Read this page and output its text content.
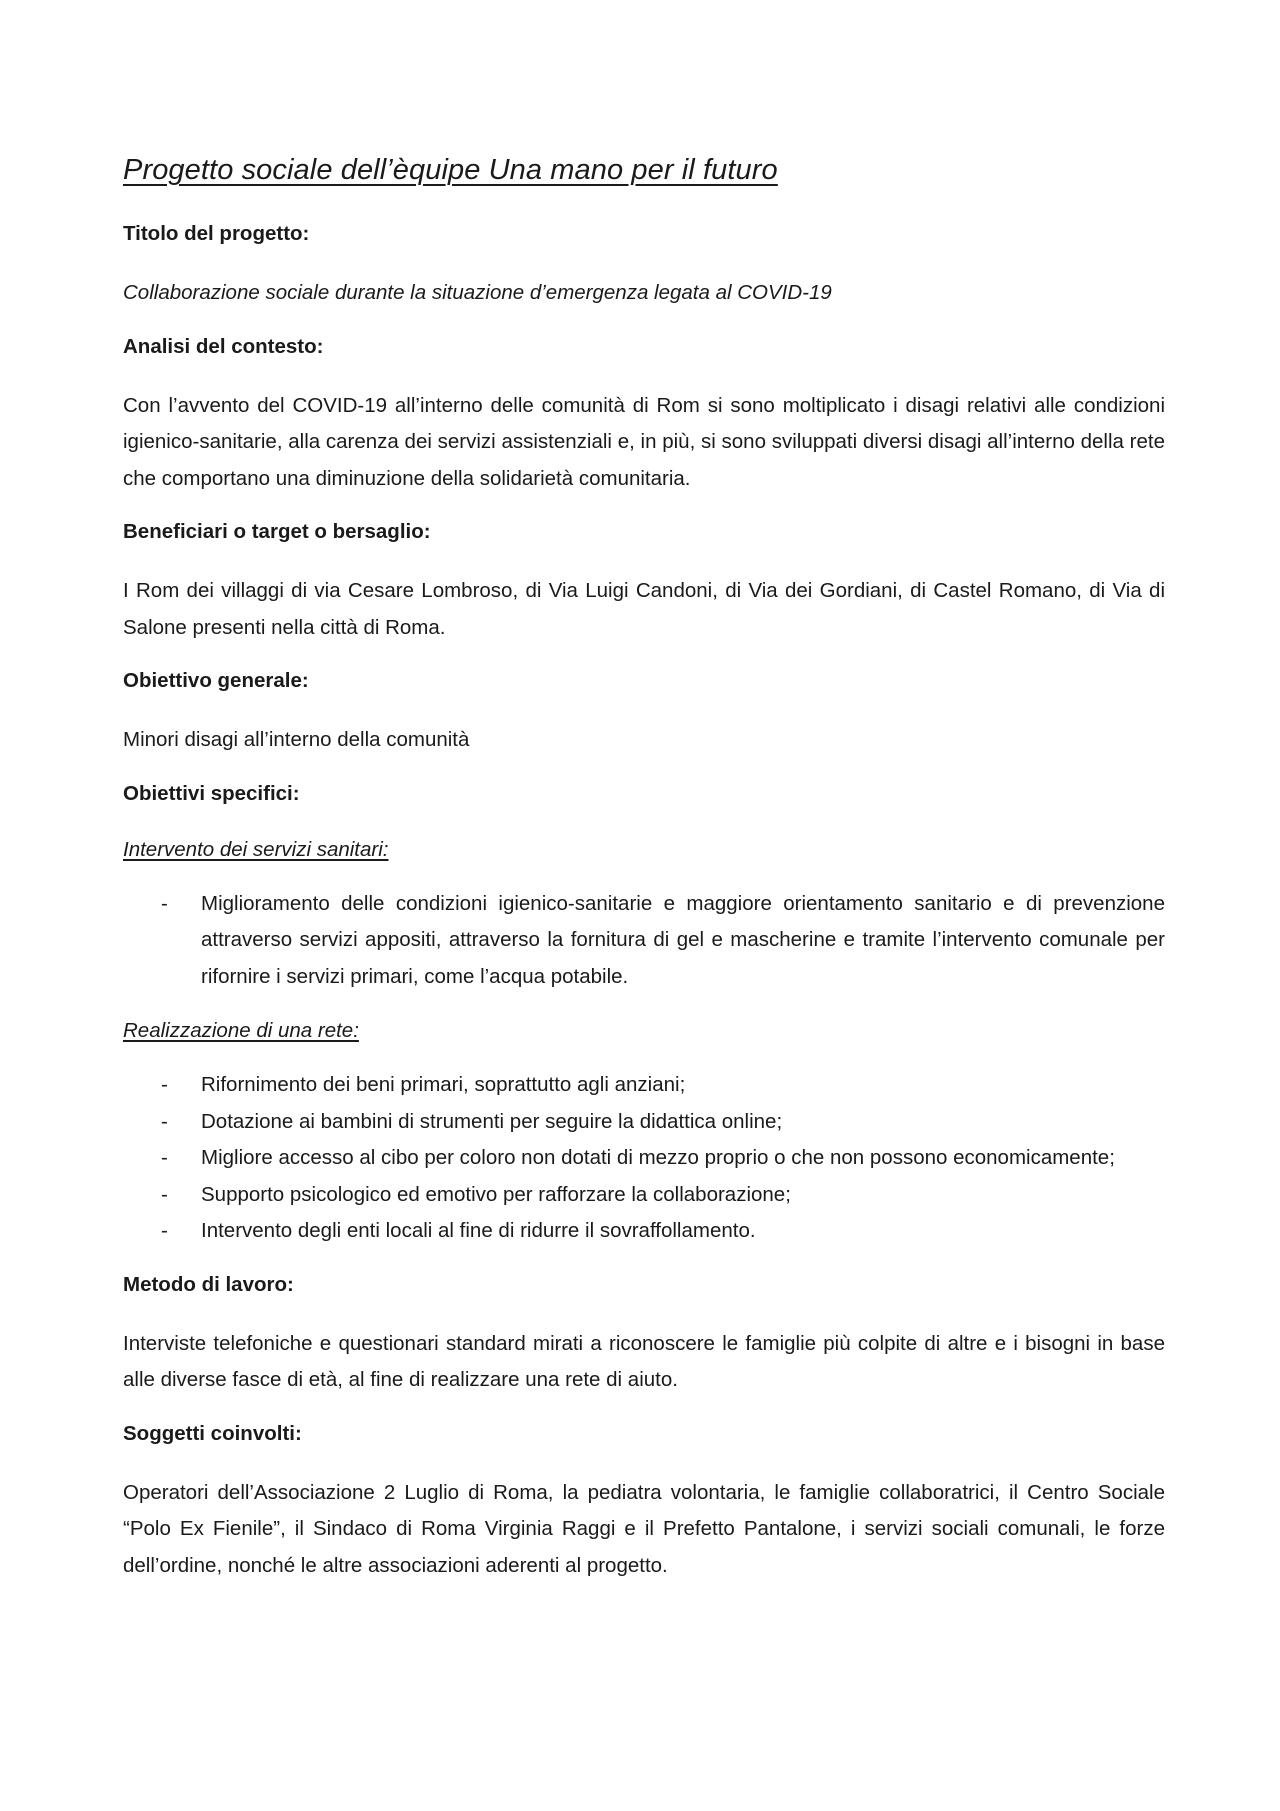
Progetto sociale dell’èquipe Una mano per il futuro
Titolo del progetto:

Collaborazione sociale durante la situazione d’emergenza legata al COVID-19

Analisi del contesto:

Con l’avvento del COVID-19 all’interno delle comunità di Rom si sono moltiplicato i disagi relativi alle condizioni igienico-sanitarie, alla carenza dei servizi assistenziali e, in più, si sono sviluppati diversi disagi all’interno della rete che comportano una diminuzione della solidarietà comunitaria.

Beneficiari o target o bersaglio:

I Rom dei villaggi di via Cesare Lombroso, di Via Luigi Candoni, di Via dei Gordiani, di Castel Romano, di Via di Salone presenti nella città di Roma.

Obiettivo generale:

Minori disagi all’interno della comunità

Obiettivi specifici:
Intervento dei servizi sanitari:
- Miglioramento delle condizioni igienico-sanitarie e maggiore orientamento sanitario e di prevenzione attraverso servizi appositi, attraverso la fornitura di gel e mascherine e tramite l’intervento comunale per rifornire i servizi primari, come l’acqua potabile.
Realizzazione di una rete:
- Rifornimento dei beni primari, soprattutto agli anziani;
- Dotazione ai bambini di strumenti per seguire la didattica online;
- Migliore accesso al cibo per coloro non dotati di mezzo proprio o che non possono economicamente;
- Supporto psicologico ed emotivo per rafforzare la collaborazione;
- Intervento degli enti locali al fine di ridurre il sovraffollamento.
Metodo di lavoro:

Interviste telefoniche e questionari standard mirati a riconoscere le famiglie più colpite di altre e i bisogni in base alle diverse fasce di età, al fine di realizzare una rete di aiuto.

Soggetti coinvolti:

Operatori dell’Associazione 2 Luglio di Roma, la pediatra volontaria, le famiglie collaboratrici, il Centro Sociale “Polo Ex Fienile”, il Sindaco di Roma Virginia Raggi e il Prefetto Pantalone, i servizi sociali comunali, le forze dell’ordine, nonché le altre associazioni aderenti al progetto.
